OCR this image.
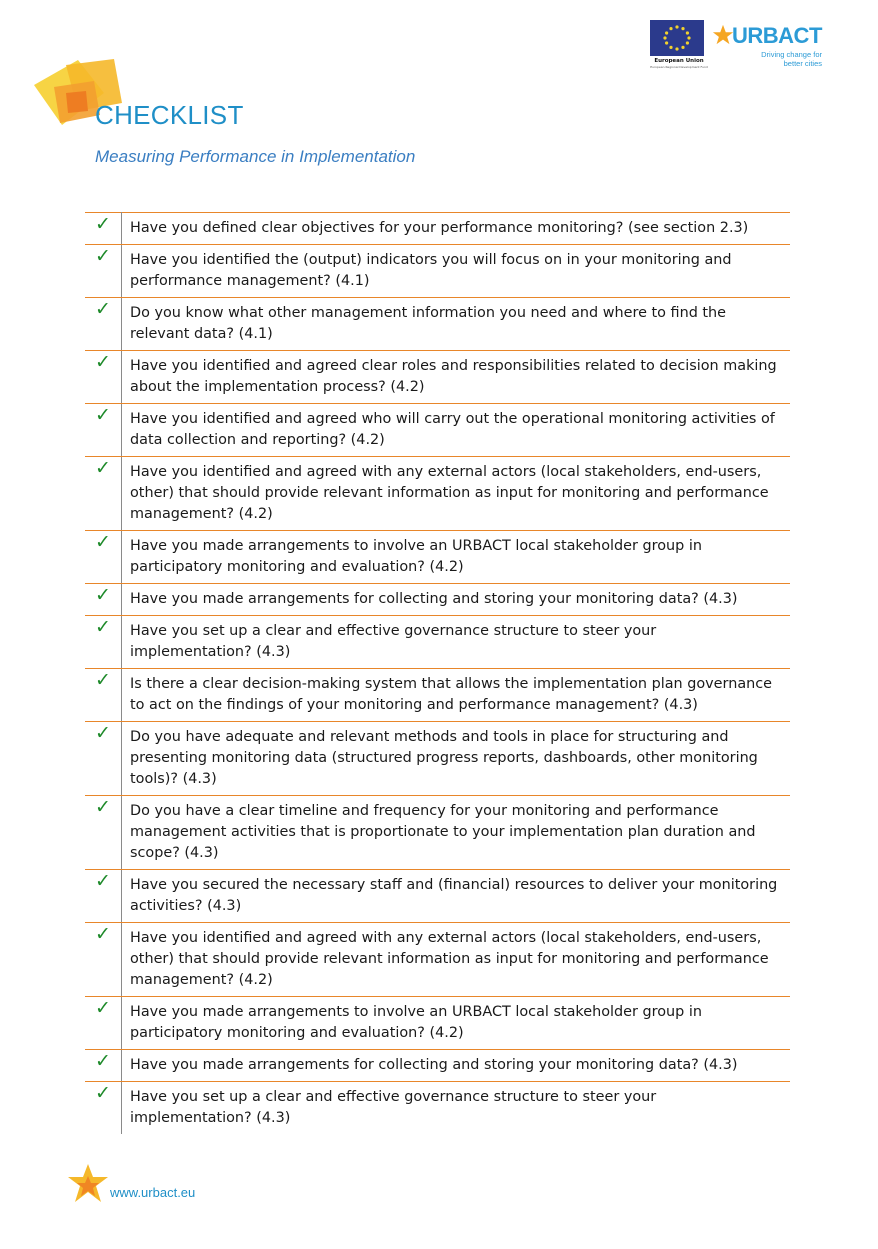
CHECKLIST
Measuring Performance in Implementation
European Union
European Regional Development Fund
URBACT
Driving change for
better cities
✓	Have you defined clear objectives for your performance monitoring? (see section 2.3)
✓	Have you identified the (output) indicators you will focus on in your monitoring and performance management? (4.1)
✓	Do you know what other management information you need and where to find the relevant data? (4.1)
✓	Have you identified and agreed clear roles and responsibilities related to decision making about the implementation process? (4.2)
✓	Have you identified and agreed who will carry out the operational monitoring activities of data collection and reporting? (4.2)
✓	Have you identified and agreed with any external actors (local stakeholders, end-users, other) that should provide relevant information as input for monitoring and performance management? (4.2)
✓	Have you made arrangements to involve an URBACT local stakeholder group in participatory monitoring and evaluation? (4.2)
✓	Have you made arrangements for collecting and storing your monitoring data? (4.3)
✓	Have you set up a clear and effective governance structure to steer your implementation? (4.3)
✓	Is there a clear decision-making system that allows the implementation plan governance to act on the findings of your monitoring and performance management? (4.3)
✓	Do you have adequate and relevant methods and tools in place for structuring and presenting monitoring data (structured progress reports, dashboards, other monitoring tools)? (4.3)
✓	Do you have a clear timeline and frequency for your monitoring and performance management activities that is proportionate to your implementation plan duration and scope? (4.3)
✓	Have you secured the necessary staff and (financial) resources to deliver your monitoring activities? (4.3)
✓	Have you identified and agreed with any external actors (local stakeholders, end-users, other) that should provide relevant information as input for monitoring and performance management? (4.2)
✓	Have you made arrangements to involve an URBACT local stakeholder group in participatory monitoring and evaluation? (4.2)
✓	Have you made arrangements for collecting and storing your monitoring data? (4.3)
✓	Have you set up a clear and effective governance structure to steer your implementation? (4.3)
www.urbact.eu
